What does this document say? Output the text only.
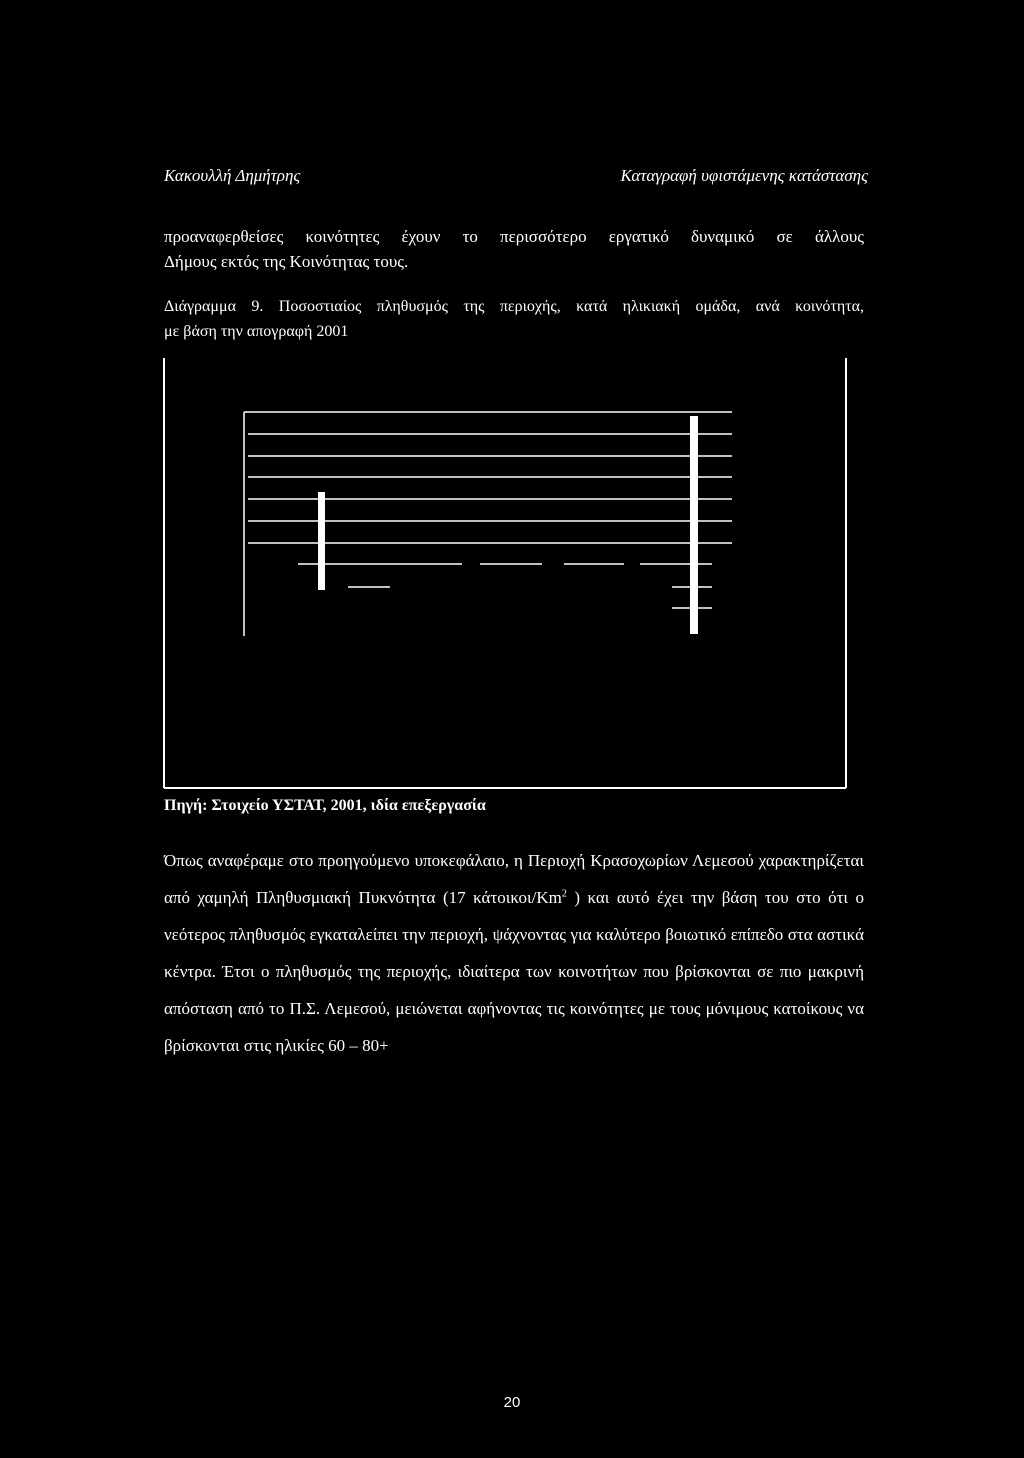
Κακουλλή Δημήτρης	Καταγραφή υφιστάμενης κατάστασης
προαναφερθείσες κοινότητες έχουν το περισσότερο εργατικό δυναμικό σε άλλους
Δήμους εκτός της Κοινότητας τους.
Διάγραμμα 9. Ποσοστιαίος πληθυσμός της περιοχής, κατά ηλικιακή ομάδα, ανά κοινότητα,
με βάση την απογραφή 2001
Πηγή: Στοιχείο ΥΣΤΑΤ, 2001, ιδία επεξεργασία
Όπως αναφέραμε στο προηγούμενο υποκεφάλαιο, η Περιοχή Κρασοχωρίων Λεμεσού χαρακτηρίζεται από χαμηλή Πληθυσμιακή Πυκνότητα (17 κάτοικοι/Km$^2$ ) και αυτό έχει την βάση του στο ότι ο νεότερος πληθυσμός εγκαταλείπει την περιοχή, ψάχνοντας για καλύτερο βοιωτικό επίπεδο στα αστικά κέντρα. Έτσι ο πληθυσμός της περιοχής, ιδιαίτερα των κοινοτήτων που βρίσκονται σε πιο μακρινή απόσταση από το Π.Σ. Λεμεσού, μειώνεται αφήνοντας τις κοινότητες με τους μόνιμους κατοίκους να βρίσκονται στις ηλικίες 60 – 80+
20
